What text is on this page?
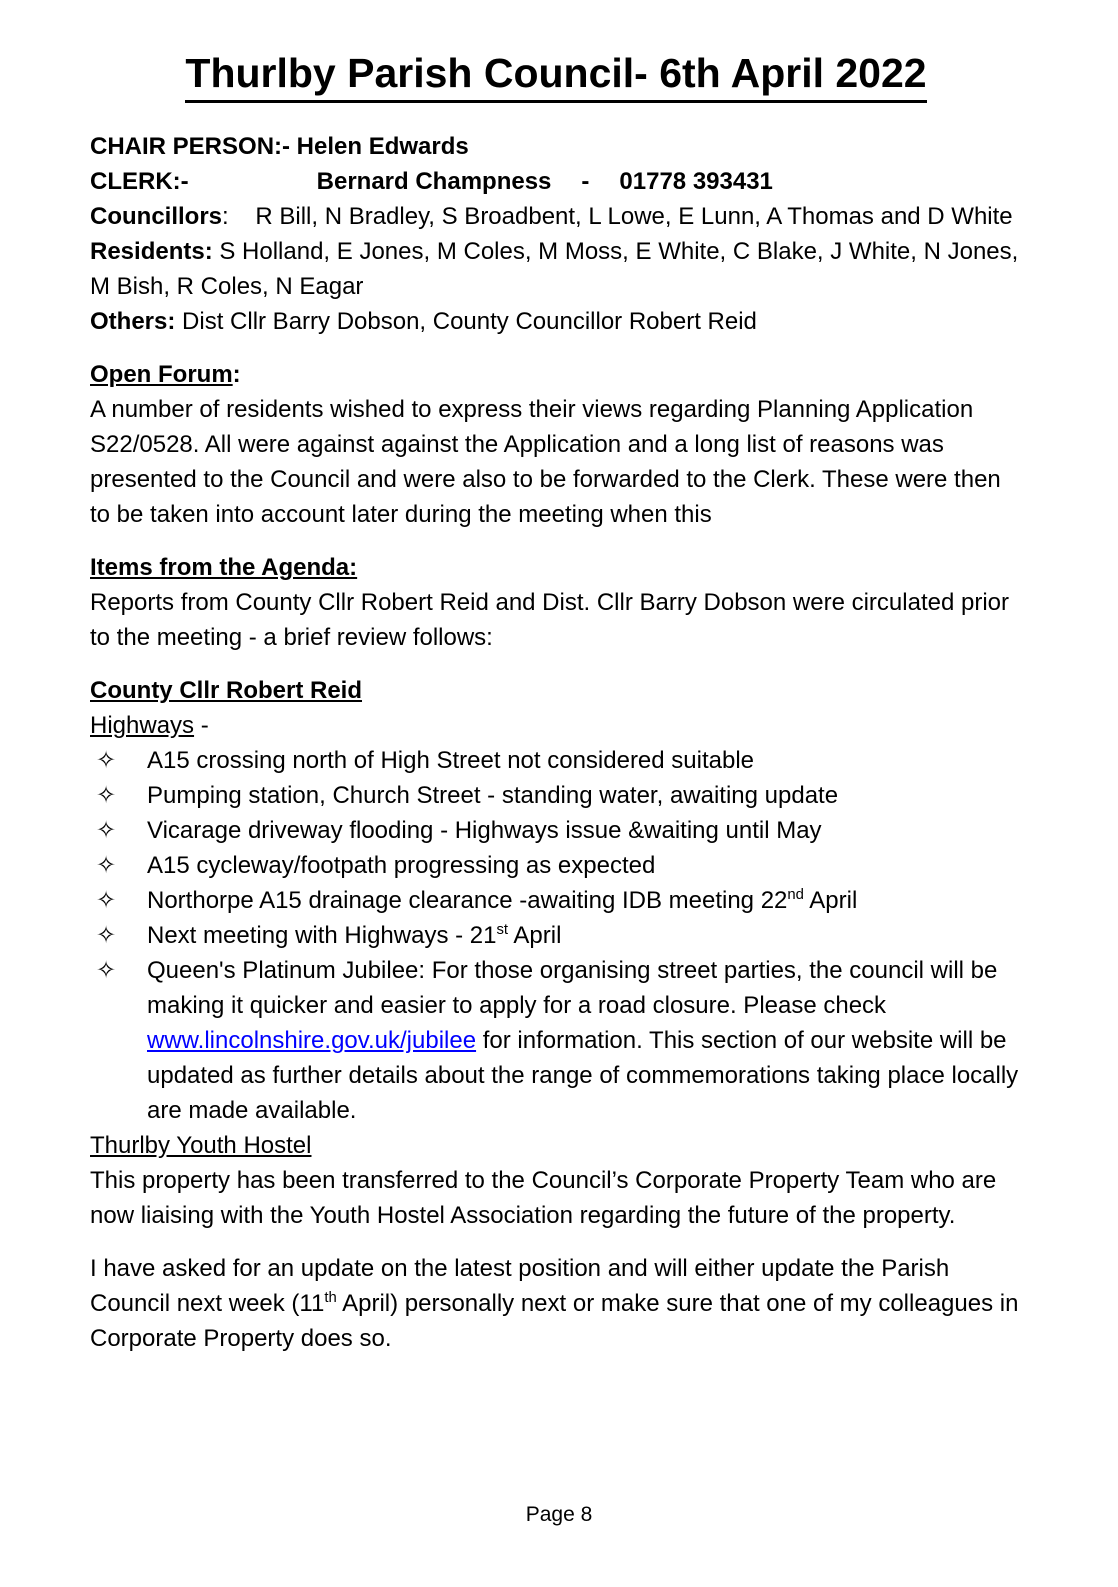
Thurlby Parish Council- 6th April 2022

CHAIR PERSON:- Helen Edwards

CLERK:-	Bernard Champness - 01778 393431

Councillors:    R Bill, N Bradley, S Broadbent, L Lowe, E Lunn, A Thomas and D White

Residents: S Holland, E Jones, M Coles, M Moss, E White, C Blake, J White, N Jones, M Bish, R Coles, N Eagar

Others: Dist Cllr Barry Dobson, County Councillor Robert Reid

Open Forum:

A number of residents wished to express their views regarding Planning Application S22/0528. All were against against the Application and a long list of reasons was presented to the Council and were also to be forwarded to the Clerk. These were then to be taken into account later during the meeting when this

Items from the Agenda:

Reports from County Cllr Robert Reid and Dist. Cllr Barry Dobson were circulated prior to the meeting - a brief review follows:

County Cllr Robert Reid

Highways -

✧ A15 crossing north of High Street not considered suitable
✧ Pumping station, Church Street - standing water, awaiting update
✧ Vicarage driveway flooding - Highways issue &waiting until May
✧ A15 cycleway/footpath progressing as expected
✧ Northorpe A15 drainage clearance -awaiting IDB meeting 22nd April
✧ Next meeting with Highways - 21st April
✧ Queen's Platinum Jubilee: For those organising street parties, the council will be making it quicker and easier to apply for a road closure. Please check www.lincolnshire.gov.uk/jubilee for information. This section of our website will be updated as further details about the range of commemorations taking place locally are made available.

Thurlby Youth Hostel

This property has been transferred to the Council’s Corporate Property Team who are now liaising with the Youth Hostel Association regarding the future of the property.

I have asked for an update on the latest position and will either update the Parish Council next week (11th April) personally next or make sure that one of my colleagues in Corporate Property does so.

Page 8
